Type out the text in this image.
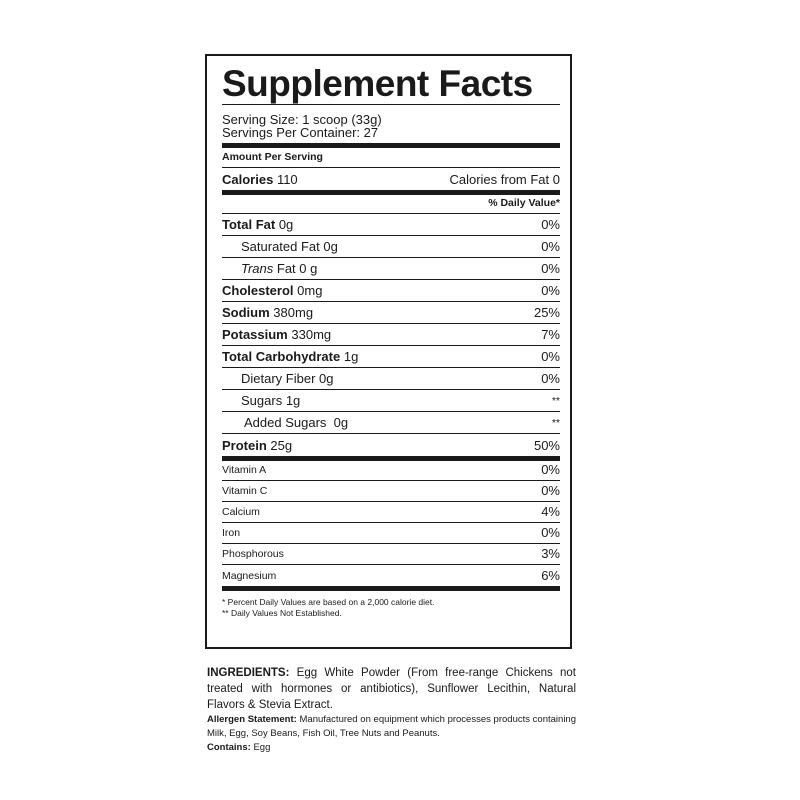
Supplement Facts
Serving Size: 1 scoop (33g)
Servings Per Container: 27
Amount Per Serving
Calories 110	Calories from Fat 0
% Daily Value*
Total Fat 0g	0%
Saturated Fat 0g	0%
Trans Fat 0 g	0%
Cholesterol 0mg	0%
Sodium 380mg	25%
Potassium 330mg	7%
Total Carbohydrate 1g	0%
Dietary Fiber 0g	0%
Sugars 1g	**
Added Sugars 0g	**
Protein 25g	50%
Vitamin A	0%
Vitamin C	0%
Calcium	4%
Iron	0%
Phosphorous	3%
Magnesium	6%
* Percent Daily Values are based on a 2,000 calorie diet.
** Daily Values Not Established.

INGREDIENTS: Egg White Powder (From free-range Chickens not treated with hormones or antibiotics), Sunflower Lecithin, Natural Flavors & Stevia Extract.

Allergen Statement: Manufactured on equipment which processes products containing Milk, Egg, Soy Beans, Fish Oil, Tree Nuts and Peanuts.

Contains: Egg
